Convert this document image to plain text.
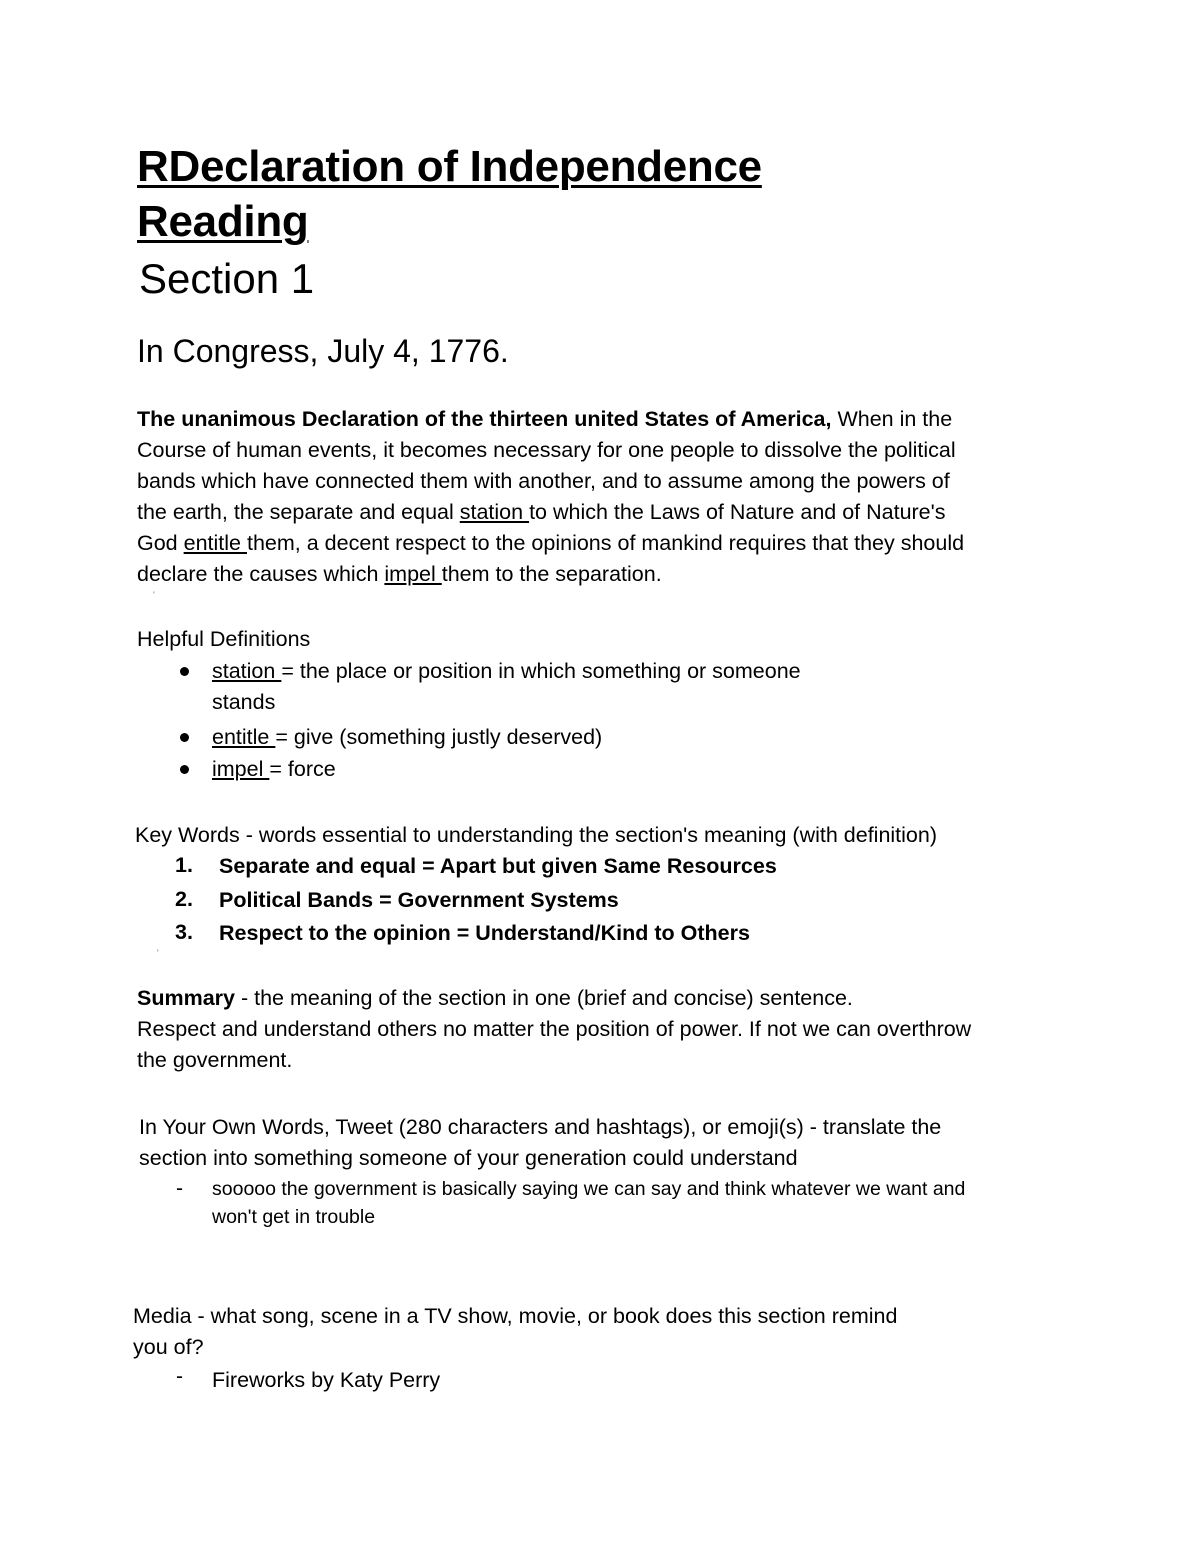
RDeclaration of Independence
Reading
Section 1
In Congress, July 4, 1776.
The unanimous Declaration of the thirteen united States of America, When in the
Course of human events, it becomes necessary for one people to dissolve the political
bands which have connected them with another, and to assume among the powers of
the earth, the separate and equal station to which the Laws of Nature and of Nature's
God entitle them, a decent respect to the opinions of mankind requires that they should
declare the causes which impel them to the separation.
'
Helpful Definitions
station = the place or position in which something or someone
stands
entitle = give (something justly deserved)
impel = force
Key Words - words essential to understanding the section's meaning (with definition)
1. Separate and equal = Apart but given Same Resources
2. Political Bands = Government Systems
3. Respect to the opinion = Understand/Kind to Others
'
Summary - the meaning of the section in one (brief and concise) sentence.
Respect and understand others no matter the position of power. If not we can overthrow
the government.
In Your Own Words, Tweet (280 characters and hashtags), or emoji(s) - translate the
section into something someone of your generation could understand
- sooooo the government is basically saying we can say and think whatever we want and
won't get in trouble
Media - what song, scene in a TV show, movie, or book does this section remind
you of?
- Fireworks by Katy Perry
